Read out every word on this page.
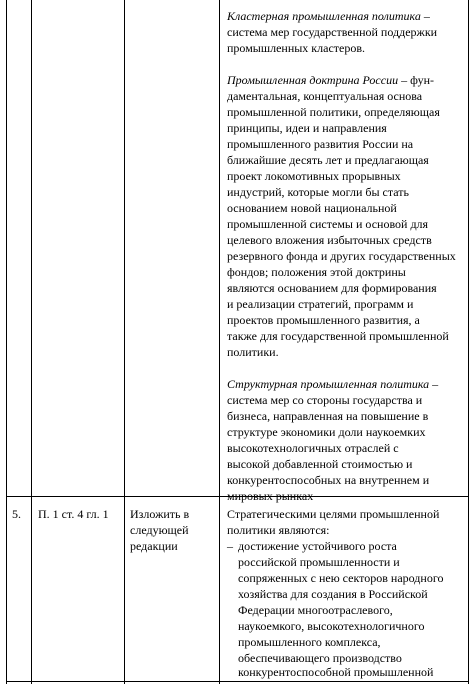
Кластерная промышленная политика –
система мер государственной поддержки
промышленных кластеров.
Промышленная доктрина России – фун-
даментальная, концептуальная основа
промышленной политики, определяющая
принципы, идеи и направления
промышленного развития России на
ближайшие десять лет и предлагающая
проект локомотивных прорывных
индустрий, которые могли бы стать
основанием новой национальной
промышленной системы и основой для
целевого вложения избыточных средств
резервного фонда и других государственных
фондов; положения этой доктрины
являются основанием для формирования
и реализации стратегий, программ и
проектов промышленного развития, а
также для государственной промышленной
политики.
Структурная промышленная политика –
система мер со стороны государства и
бизнеса, направленная на повышение в
структуре экономики доли наукоемких
высокотехнологичных отраслей с
высокой добавленной стоимостью и
конкурентоспособных на внутреннем и
мировых рынках
5. П. 1 ст. 4 гл. 1 Изложить в
следующей
редакции
Стратегическими целями промышленной
политики являются:
– достижение устойчивого роста
российской промышленности и
сопряженных с нею секторов народного
хозяйства для создания в Российской
Федерации многоотраслевого,
наукоемкого, высокотехнологичного
промышленного комплекса,
обеспечивающего производство
конкурентоспособной промышленной
